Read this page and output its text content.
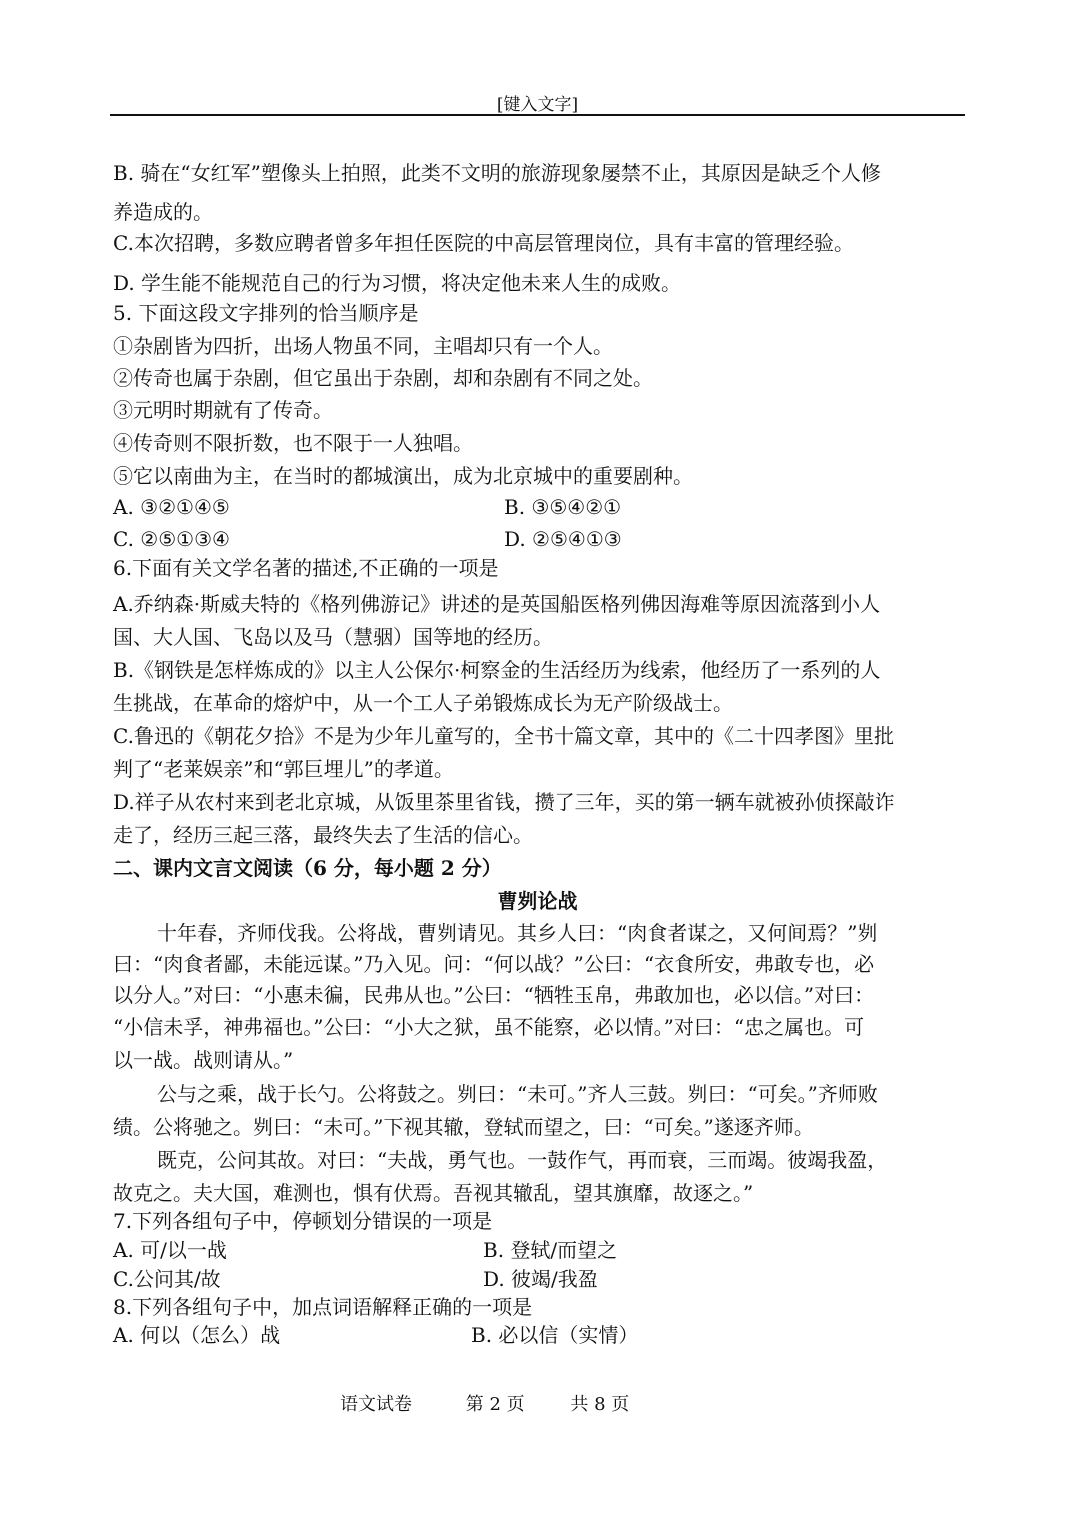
[键入文字]
B. 骑在“女红军”塑像头上拍照，此类不文明的旅游现象屡禁不止，其原因是缺乏个人修
养造成的。
C.本次招聘，多数应聘者曾多年担任医院的中高层管理岗位，具有丰富的管理经验。
D. 学生能不能规范自己的行为习惯，将决定他未来人生的成败。
5. 下面这段文字排列的恰当顺序是
①杂剧皆为四折，出场人物虽不同，主唱却只有一个人。
②传奇也属于杂剧，但它虽出于杂剧，却和杂剧有不同之处。
③元明时期就有了传奇。
④传奇则不限折数，也不限于一人独唱。
⑤它以南曲为主，在当时的都城演出，成为北京城中的重要剧种。
6.下面有关文学名著的描述,不正确的一项是
A.乔纳森·斯威夫特的《格列佛游记》讲述的是英国船医格列佛因海难等原因流落到小人
国、大人国、飞岛以及马（慧骃）国等地的经历。
B.《钢铁是怎样炼成的》以主人公保尔·柯察金的生活经历为线索，他经历了一系列的人
生挑战，在革命的熔炉中，从一个工人子弟锻炼成长为无产阶级战士。
C.鲁迅的《朝花夕拾》不是为少年儿童写的，全书十篇文章，其中的《二十四孝图》里批
判了“老莱娱亲”和“郭巨埋儿”的孝道。
D.祥子从农村来到老北京城，从饭里茶里省钱，攒了三年，买的第一辆车就被孙侦探敲诈
走了，经历三起三落，最终失去了生活的信心。
“小信未孚，神弗福也。”公曰：“小大之狱，虽不能察，必以情。”对曰：“忠之属也。可
以一战。战则请从。”
绩。公将驰之。刿曰：“未可。”下视其辙，登轼而望之，曰：“可矣。”遂逐齐师。
故克之。夫大国，难测也，惧有伏焉。吾视其辙乱，望其旗靡，故逐之。”
7.下列各组句子中，停顿划分错误的一项是
8.下列各组句子中，加点词语解释正确的一项是
A. ③②①④⑤	B. ③⑤④②①
C. ②⑤①③④	D. ②⑤④①③
二、课内文言文阅读（6 分，每小题 2 分）
曹刿论战
十年春，齐师伐我。公将战，曹刿请见。其乡人曰：“肉食者谋之，又何间焉？”刿
曰：“肉食者鄙，未能远谋。”乃入见。问：“何以战？”公曰：“衣食所安，弗敢专也，必
以分人。”对曰：“小惠未徧，民弗从也。”公曰：“牺牲玉帛，弗敢加也，必以信。”对曰：
公与之乘，战于长勺。公将鼓之。刿曰：“未可。”齐人三鼓。刿曰：“可矣。”齐师败
既克，公问其故。对曰：“夫战，勇气也。一鼓作气，再而衰，三而竭。彼竭我盈，
A. 可/以一战	B. 登轼/而望之
C.公问其/故	D. 彼竭/我盈
A. 何以（怎么）战	B. 必以信（实情）
语文试卷	第 2 页	共 8 页
